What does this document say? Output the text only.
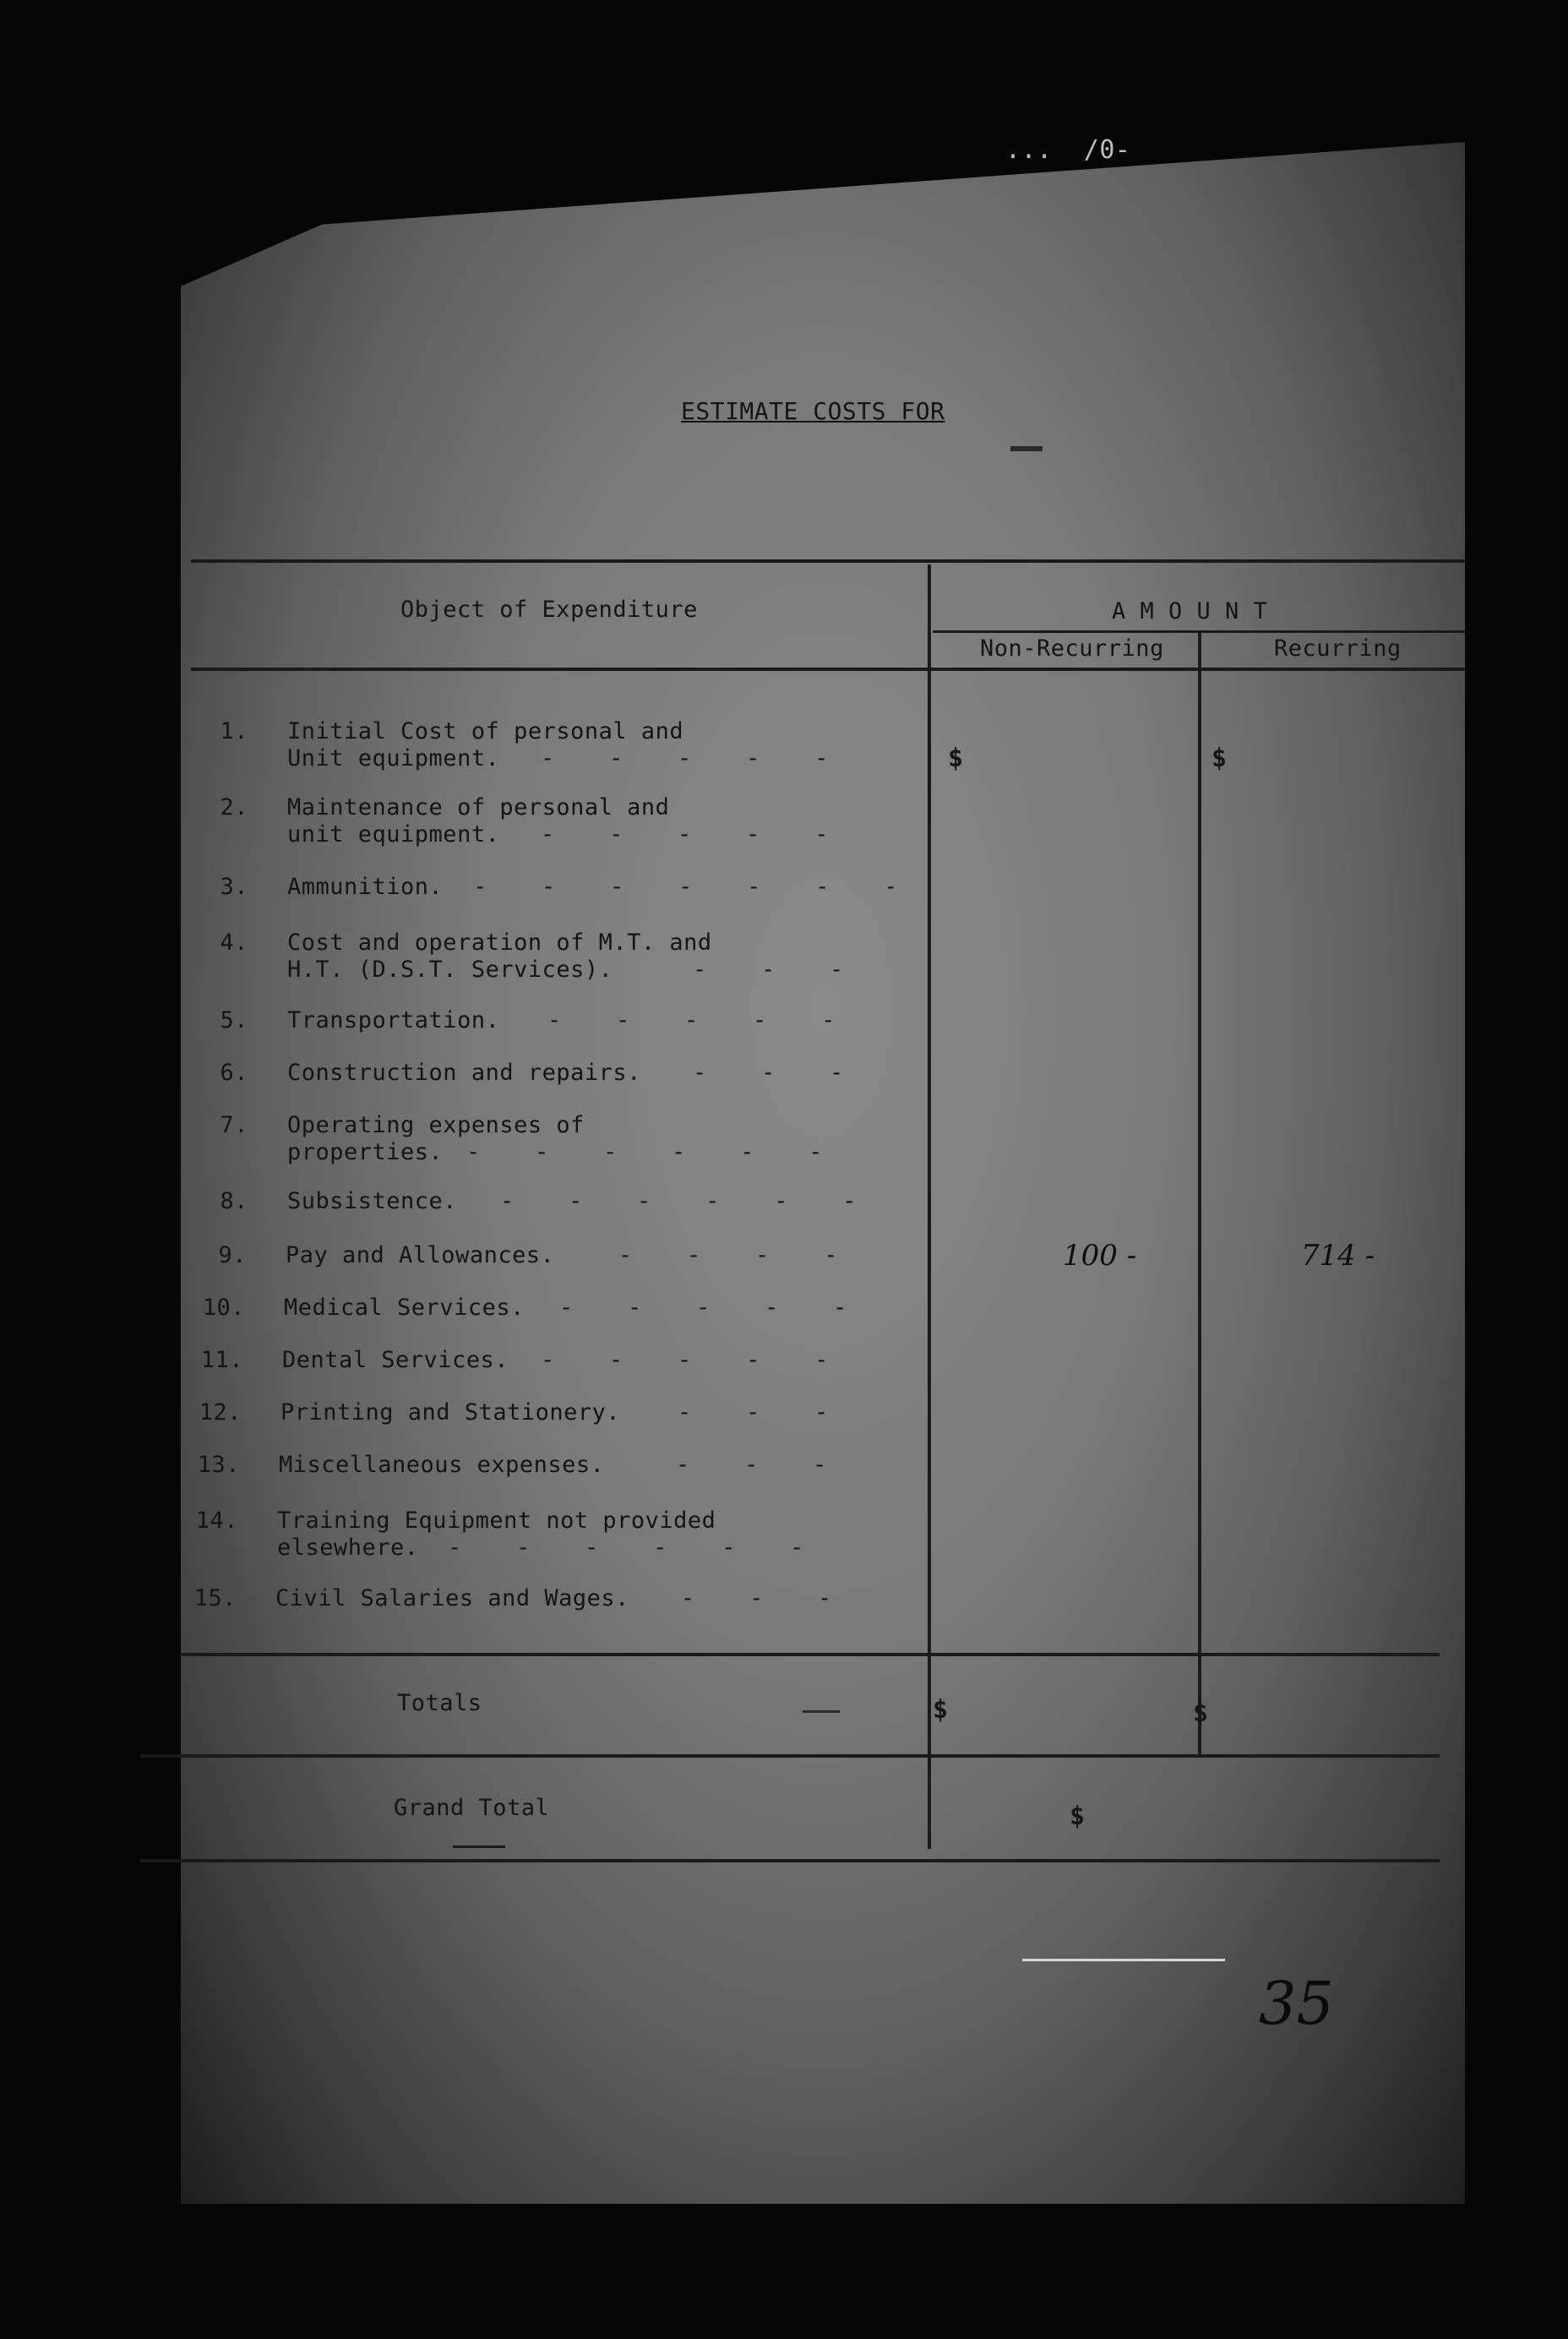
...  /0-
ESTIMATE COSTS FOR
Object of Expenditure	A M O U N T
Non-Recurring	Recurring
1. Initial Cost of personal and
Unit equipment.	-   -   -   -   -	$	$
2. Maintenance of personal and
unit equipment.	-   -   -   -   -
3. Ammunition. -   -   -   -   -   -   -
4. Cost and operation of M.T. and
H.T. (D.S.T. Services).	-   -   -
5. Transportation. -   -   -   -   -
6. Construction and repairs. -   -   -
7. Operating expenses of
properties.	-   -   -   -   -   -
8. Subsistence. -   -   -   -   -   -
9. Pay and Allowances.	-   -   -   -	100 -	714 -
10. Medical Services. -   -   -   -   -
11. Dental Services. -   -   -   -   -
12. Printing and Stationery.	-   -   -
13. Miscellaneous expenses.	-   -   -
14. Training Equipment not provided
elsewhere.	-   -   -   -   -   -
15. Civil Salaries and Wages. -   -   -
Totals	$	$
Grand Total	$
35
